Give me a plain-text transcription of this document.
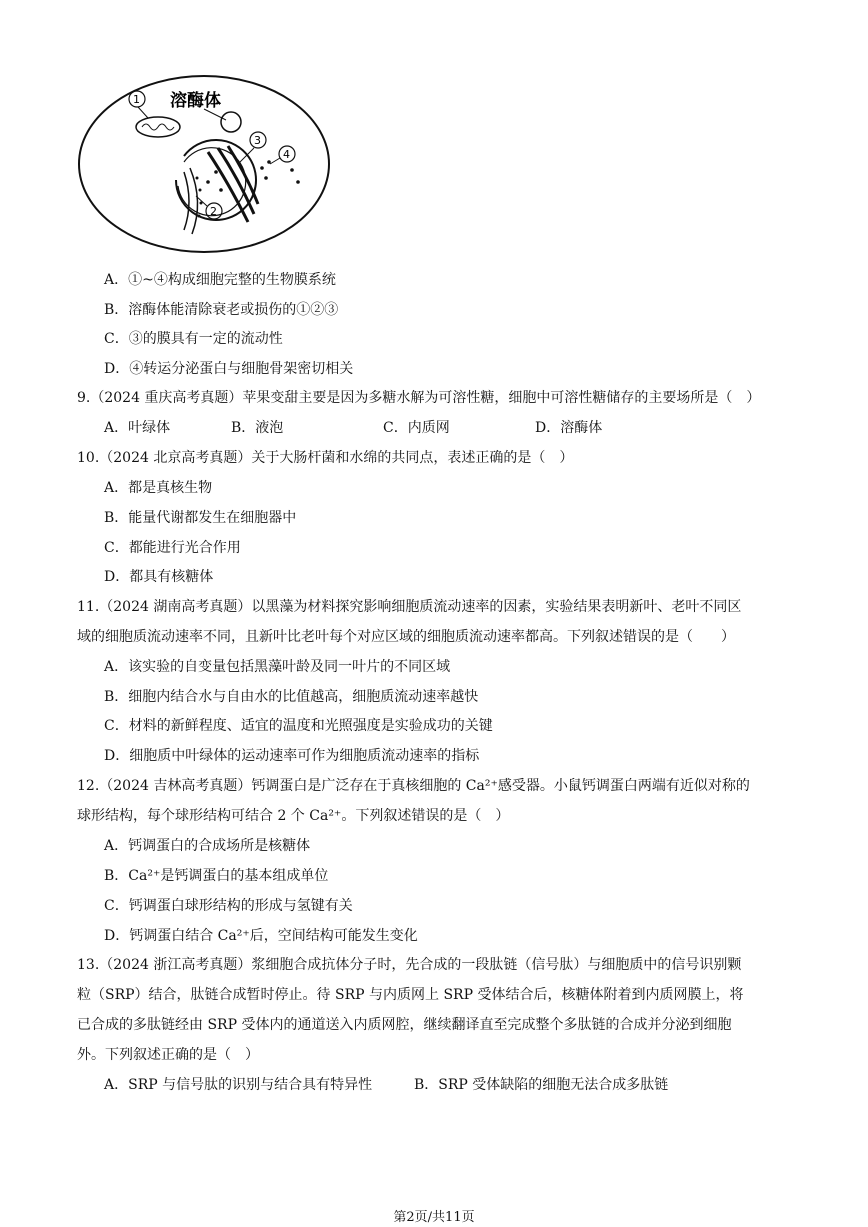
1 溶酶体
3
4
2
A．①~④构成细胞完整的生物膜系统
B．溶酶体能清除衰老或损伤的①②③
C．③的膜具有一定的流动性
D．④转运分泌蛋白与细胞骨架密切相关
9.（2024 重庆高考真题）苹果变甜主要是因为多糖水解为可溶性糖，细胞中可溶性糖储存的主要场所是（　）
A．叶绿体	B．液泡	C．内质网	D．溶酶体
10.（2024 北京高考真题）关于大肠杆菌和水绵的共同点，表述正确的是（　）
A．都是真核生物
B．能量代谢都发生在细胞器中
C．都能进行光合作用
D．都具有核糖体
11.（2024 湖南高考真题）以黑藻为材料探究影响细胞质流动速率的因素，实验结果表明新叶、老叶不同区
域的细胞质流动速率不同，且新叶比老叶每个对应区域的细胞质流动速率都高。下列叙述错误的是（　　）
A．该实验的自变量包括黑藻叶龄及同一叶片的不同区域
B．细胞内结合水与自由水的比值越高，细胞质流动速率越快
C．材料的新鲜程度、适宜的温度和光照强度是实验成功的关键
D．细胞质中叶绿体的运动速率可作为细胞质流动速率的指标
12.（2024 吉林高考真题）钙调蛋白是广泛存在于真核细胞的 Ca²⁺感受器。小鼠钙调蛋白两端有近似对称的
球形结构，每个球形结构可结合 2 个 Ca²⁺。下列叙述错误的是（　）
A．钙调蛋白的合成场所是核糖体
B．Ca²⁺是钙调蛋白的基本组成单位
C．钙调蛋白球形结构的形成与氢键有关
D．钙调蛋白结合 Ca²⁺后，空间结构可能发生变化
13.（2024 浙江高考真题）浆细胞合成抗体分子时，先合成的一段肽链（信号肽）与细胞质中的信号识别颗
粒（SRP）结合，肽链合成暂时停止。待 SRP 与内质网上 SRP 受体结合后，核糖体附着到内质网膜上，将
已合成的多肽链经由 SRP 受体内的通道送入内质网腔，继续翻译直至完成整个多肽链的合成并分泌到细胞
外。下列叙述正确的是（　）
A．SRP 与信号肽的识别与结合具有特异性	B．SRP 受体缺陷的细胞无法合成多肽链
第2页/共11页
